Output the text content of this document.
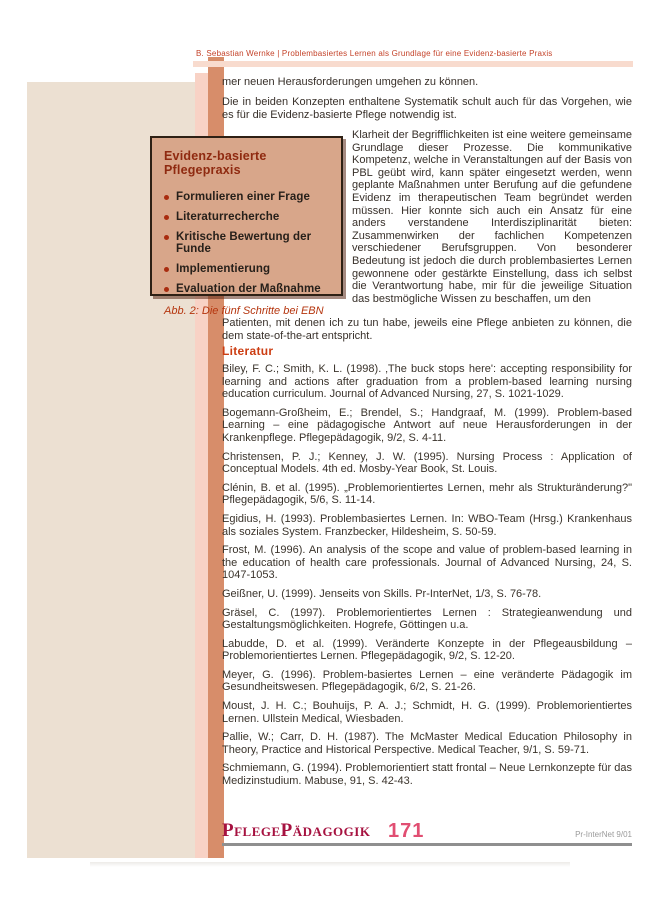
B. Sebastian Wernke | Problembasiertes Lernen als Grundlage für eine Evidenz-basierte Praxis

mer neuen Herausforderungen umgehen zu können.

Die in beiden Konzepten enthaltene Systematik schult auch für das Vorgehen, wie es für die Evidenz-basierte Pflege notwendig ist.

Evidenz-basierte Pflegepraxis
Formulieren einer Frage
Literaturrecherche
Kritische Bewertung der Funde
Implementierung
Evaluation der Maßnahme
Abb. 2: Die fünf Schritte bei EBN

Klarheit der Begrifflichkeiten ist eine weitere gemeinsame Grundlage dieser Prozesse. Die kommunikative Kompetenz, welche in Veranstaltungen auf der Basis von PBL geübt wird, kann später eingesetzt werden, wenn geplante Maßnahmen unter Berufung auf die gefundene Evidenz im therapeutischen Team begründet werden müssen. Hier konnte sich auch ein Ansatz für eine anders verstandene Interdisziplinarität bieten: Zusammenwirken der fachlichen Kompetenzen verschiedener Berufsgruppen. Von besonderer Bedeutung ist jedoch die durch problembasiertes Lernen gewonnene oder gestärkte Einstellung, dass ich selbst die Verantwortung habe, mir für die jeweilige Situation das bestmögliche Wissen zu beschaffen, um den

Patienten, mit denen ich zu tun habe, jeweils eine Pflege anbieten zu können, die dem state-of-the-art entspricht.

Literatur

Biley, F. C.; Smith, K. L. (1998). ‚The buck stops here': accepting responsibility for learning and actions after graduation from a problem-based learning nursing education curriculum. Journal of Advanced Nursing, 27, S. 1021-1029.

Bogemann-Großheim, E.; Brendel, S.; Handgraaf, M. (1999). Problem-based Learning – eine pädagogische Antwort auf neue Herausforderungen in der Krankenpflege. Pflegepädagogik, 9/2, S. 4-11.

Christensen, P. J.; Kenney, J. W. (1995). Nursing Process : Application of Conceptual Models. 4th ed. Mosby-Year Book, St. Louis.

Clénin, B. et al. (1995). „Problemorientiertes Lernen, mehr als Strukturänderung?" Pflegepädagogik, 5/6, S. 11-14.

Egidius, H. (1993). Problembasiertes Lernen. In: WBO-Team (Hrsg.) Krankenhaus als soziales System. Franzbecker, Hildesheim, S. 50-59.

Frost, M. (1996). An analysis of the scope and value of problem-based learning in the education of health care professionals. Journal of Advanced Nursing, 24, S. 1047-1053.

Geißner, U. (1999). Jenseits von Skills. Pr-InterNet, 1/3, S. 76-78.

Gräsel, C. (1997). Problemorientiertes Lernen : Strategieanwendung und Gestaltungsmöglichkeiten. Hogrefe, Göttingen u.a.

Labudde, D. et al. (1999). Veränderte Konzepte in der Pflegeausbildung – Problemorientiertes Lernen. Pflegepädagogik, 9/2, S. 12-20.

Meyer, G. (1996). Problem-basiertes Lernen – eine veränderte Pädagogik im Gesundheitswesen. Pflegepädagogik, 6/2, S. 21-26.

Moust, J. H. C.; Bouhuijs, P. A. J.; Schmidt, H. G. (1999). Problemorientiertes Lernen. Ullstein Medical, Wiesbaden.

Pallie, W.; Carr, D. H. (1987). The McMaster Medical Education Philosophy in Theory, Practice and Historical Perspective. Medical Teacher, 9/1, S. 59-71.

Schmiemann, G. (1994). Problemorientiert statt frontal – Neue Lernkonzepte für das Medizinstudium. Mabuse, 91, S. 42-43.

PflegePädagogik 171	Pr-InterNet 9/01
